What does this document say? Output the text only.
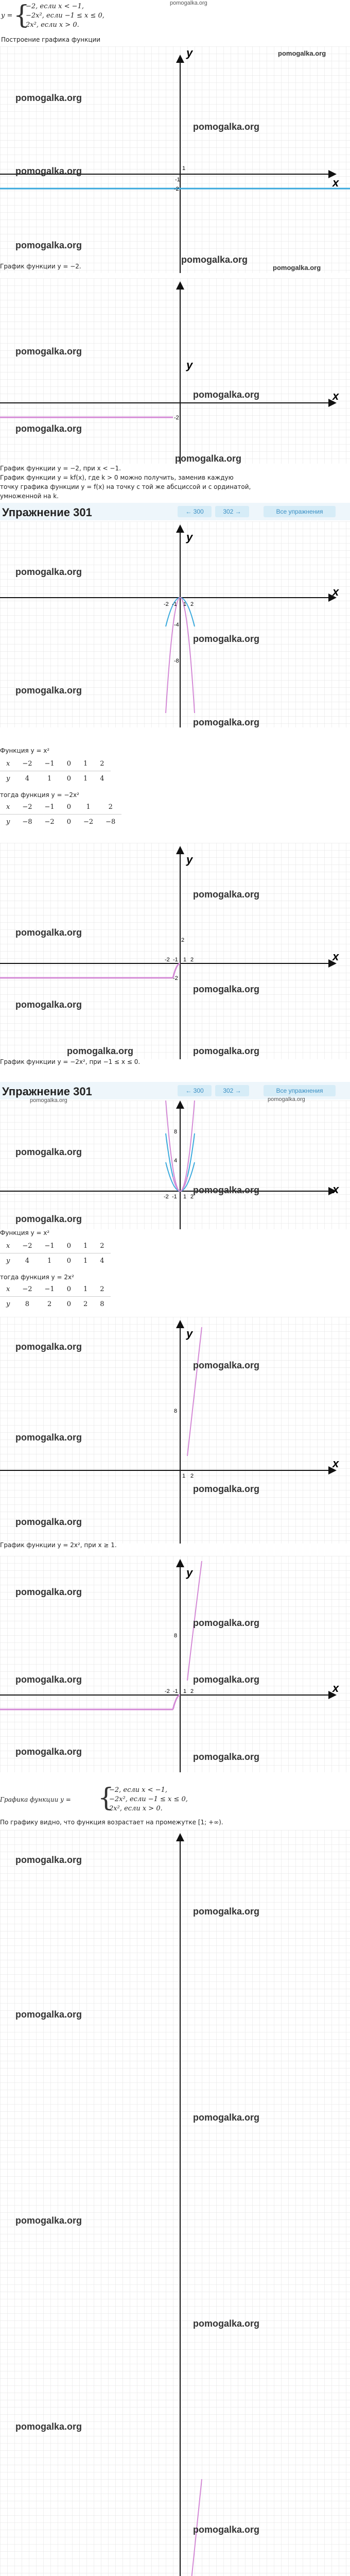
pomogalka.org
y = {
−2, если x < −1,
−2x², если −1 ≤ x ≤ 0,
2x², если x > 0.
Построение графика функции
y
x
1
-1
-2
pomogalka.org
pomogalka.org
pomogalka.org
pomogalka.org
pomogalka.org
pomogalka.org
График функции y = −2.	pomogalka.org
y
x
-2
pomogalka.org
pomogalka.org
pomogalka.org
pomogalka.org
График функции y = −2, при x < −1.
График функции y = kf(x), где k > 0 можно получить, заменив каждую
точку графика функции y = f(x) на точку с той же абсциссой и с ординатой,
умноженной на k.
Упражнение 301	← 300	302 →	Все упражнения
y
x
-2 -1 1 2
-4
-8
pomogalka.org
pomogalka.org
pomogalka.org
pomogalka.org
Функция y = x²
x	−2	−1	0	1	2
y	4	1	0	1	4
тогда функция y = −2x²
x	−2	−1	0	1	2
y	−8	−2	0	−2	−8
y
x
2
-2 -1 1 2
-2
pomogalka.org
pomogalka.org
pomogalka.org
pomogalka.org
График функции y = −2x², при −1 ≤ x ≤ 0.
pomogalka.org	pomogalka.org
Упражнение 301	← 300	302 →	Все упражнения
x
8
4
-2 -1 1 2
pomogalka.org
pomogalka.org
pomogalka.org
pomogalka.org
pomogalka.org
Функция y = x²
x	−2	−1	0	1	2
y	4	1	0	1	4
тогда функция y = 2x²
x	−2	−1	0	1	2
y	8	2	0	2	8
y
x
8
1 2
pomogalka.org
pomogalka.org
pomogalka.org
pomogalka.org
pomogalka.org
График функции y = 2x², при x ≥ 1.
y
x
8
-2 -1 1 2
pomogalka.org
pomogalka.org
pomogalka.org	pomogalka.org
pomogalka.org	pomogalka.org
Графика функции y = {
−2, если x < −1,
−2x², если −1 ≤ x ≤ 0,
2x², если x > 0.
По графику видно, что функция возрастает на промежутке [1; +∞).
pomogalka.org
pomogalka.org
pomogalka.org
pomogalka.org
pomogalka.org
pomogalka.org
pomogalka.org
pomogalka.org
